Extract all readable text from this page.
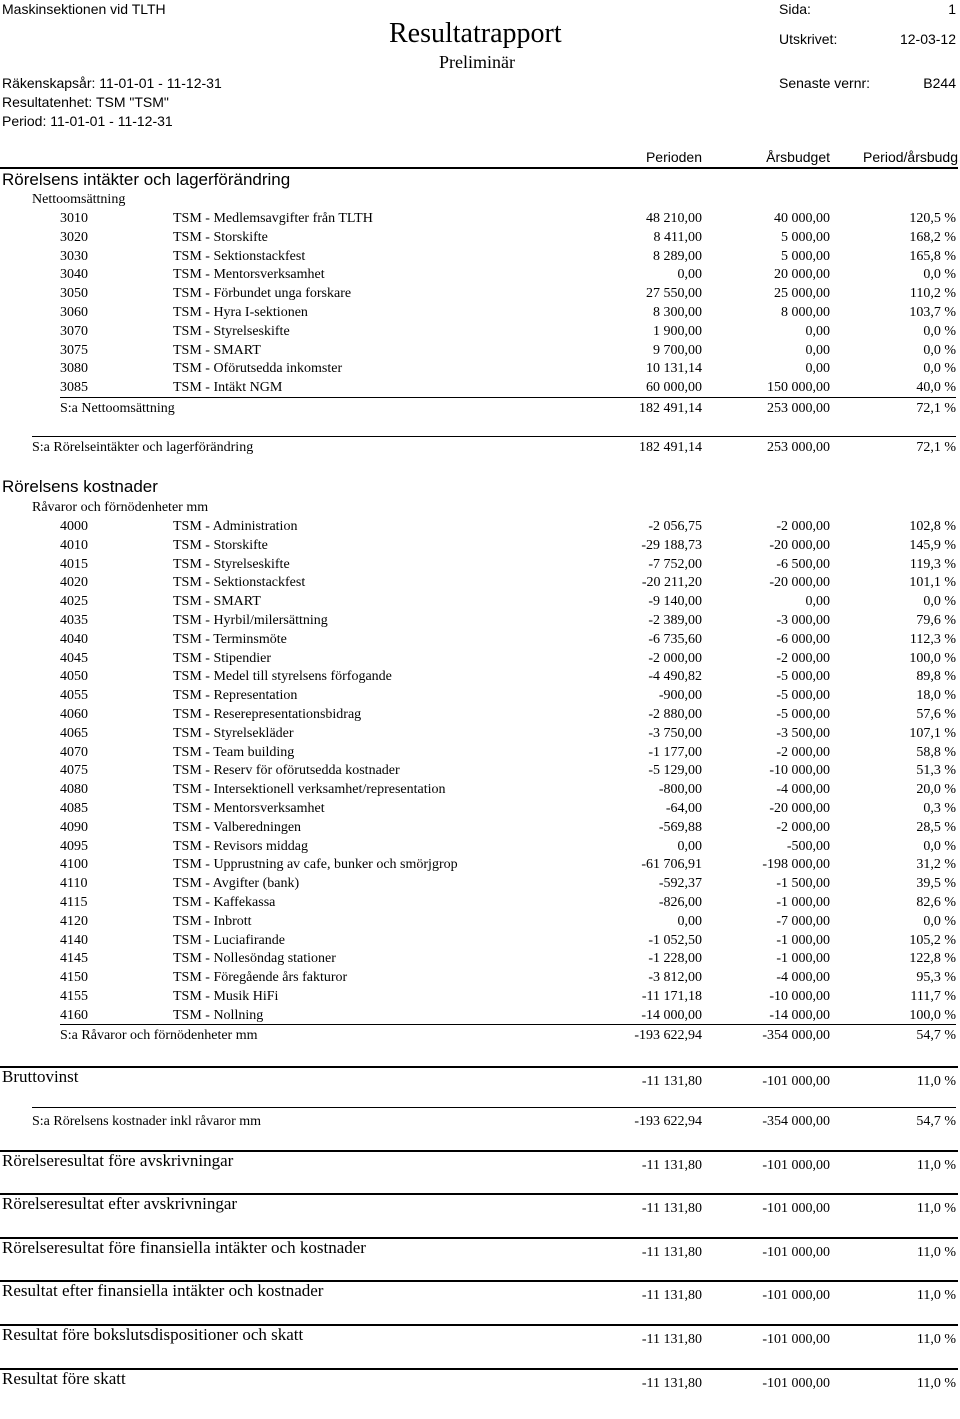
Maskinsektionen vid TLTH
Resultatrapport
Preliminär
Sida:	1
Utskrivet:	12-03-12
Räkenskapsår: 11-01-01 - 11-12-31	Senaste vernr:	B244
Resultatenhet: TSM "TSM"
Period: 11-01-01 - 11-12-31
Perioden	Årsbudget	Period/årsbudg
Rörelsens intäkter och lagerförändring
Nettoomsättning
3010	TSM - Medlemsavgifter från TLTH	48 210,00	40 000,00	120,5 %
3020	TSM - Storskifte	8 411,00	5 000,00	168,2 %
3030	TSM - Sektionstackfest	8 289,00	5 000,00	165,8 %
3040	TSM - Mentorsverksamhet	0,00	20 000,00	0,0 %
3050	TSM - Förbundet unga forskare	27 550,00	25 000,00	110,2 %
3060	TSM - Hyra I-sektionen	8 300,00	8 000,00	103,7 %
3070	TSM - Styrelseskifte	1 900,00	0,00	0,0 %
3075	TSM - SMART	9 700,00	0,00	0,0 %
3080	TSM - Oförutsedda inkomster	10 131,14	0,00	0,0 %
3085	TSM - Intäkt NGM	60 000,00	150 000,00	40,0 %
S:a Nettoomsättning	182 491,14	253 000,00	72,1 %
S:a Rörelseintäkter och lagerförändring	182 491,14	253 000,00	72,1 %
Rörelsens kostnader
Råvaror och förnödenheter mm
4000	TSM - Administration	-2 056,75	-2 000,00	102,8 %
4010	TSM - Storskifte	-29 188,73	-20 000,00	145,9 %
4015	TSM - Styrelseskifte	-7 752,00	-6 500,00	119,3 %
4020	TSM - Sektionstackfest	-20 211,20	-20 000,00	101,1 %
4025	TSM - SMART	-9 140,00	0,00	0,0 %
4035	TSM - Hyrbil/milersättning	-2 389,00	-3 000,00	79,6 %
4040	TSM - Terminsmöte	-6 735,60	-6 000,00	112,3 %
4045	TSM - Stipendier	-2 000,00	-2 000,00	100,0 %
4050	TSM - Medel till styrelsens förfogande	-4 490,82	-5 000,00	89,8 %
4055	TSM - Representation	-900,00	-5 000,00	18,0 %
4060	TSM - Reserepresentationsbidrag	-2 880,00	-5 000,00	57,6 %
4065	TSM - Styrelsekläder	-3 750,00	-3 500,00	107,1 %
4070	TSM - Team building	-1 177,00	-2 000,00	58,8 %
4075	TSM - Reserv för oförutsedda kostnader	-5 129,00	-10 000,00	51,3 %
4080	TSM - Intersektionell verksamhet/representation	-800,00	-4 000,00	20,0 %
4085	TSM - Mentorsverksamhet	-64,00	-20 000,00	0,3 %
4090	TSM - Valberedningen	-569,88	-2 000,00	28,5 %
4095	TSM - Revisors middag	0,00	-500,00	0,0 %
4100	TSM - Upprustning av cafe, bunker och smörjgrop	-61 706,91	-198 000,00	31,2 %
4110	TSM - Avgifter (bank)	-592,37	-1 500,00	39,5 %
4115	TSM - Kaffekassa	-826,00	-1 000,00	82,6 %
4120	TSM - Inbrott	0,00	-7 000,00	0,0 %
4140	TSM - Luciafirande	-1 052,50	-1 000,00	105,2 %
4145	TSM - Nollesöndag stationer	-1 228,00	-1 000,00	122,8 %
4150	TSM - Föregående års fakturor	-3 812,00	-4 000,00	95,3 %
4155	TSM - Musik HiFi	-11 171,18	-10 000,00	111,7 %
4160	TSM - Nollning	-14 000,00	-14 000,00	100,0 %
S:a Råvaror och förnödenheter mm	-193 622,94	-354 000,00	54,7 %
Bruttovinst	-11 131,80	-101 000,00	11,0 %
S:a Rörelsens kostnader inkl råvaror mm	-193 622,94	-354 000,00	54,7 %
Rörelseresultat före avskrivningar	-11 131,80	-101 000,00	11,0 %
Rörelseresultat efter avskrivningar	-11 131,80	-101 000,00	11,0 %
Rörelseresultat före finansiella intäkter och kostnader	-11 131,80	-101 000,00	11,0 %
Resultat efter finansiella intäkter och kostnader	-11 131,80	-101 000,00	11,0 %
Resultat före bokslutsdispositioner och skatt	-11 131,80	-101 000,00	11,0 %
Resultat före skatt	-11 131,80	-101 000,00	11,0 %
